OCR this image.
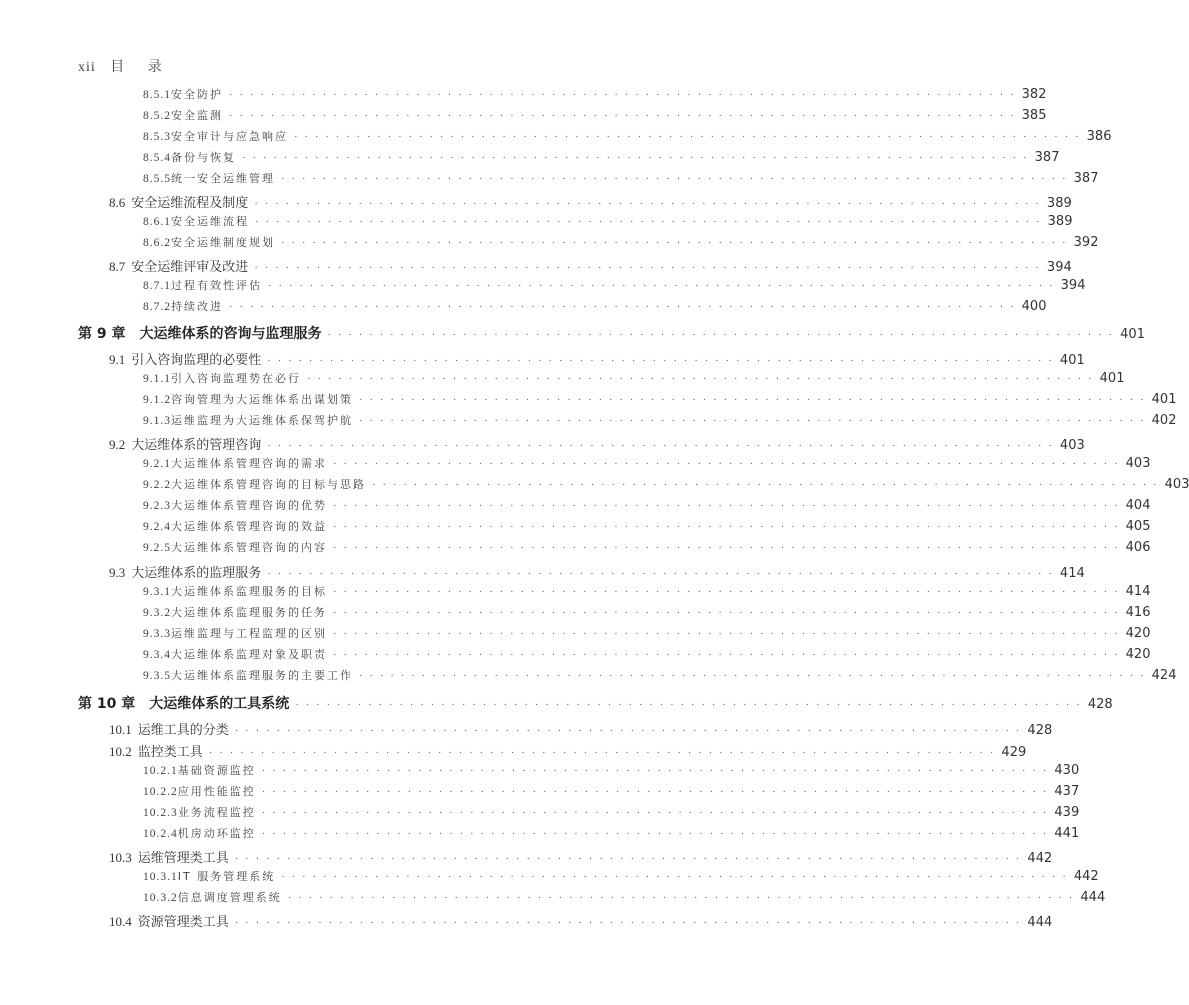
xii 目 录
8.5.1 安全防护 · · · · · · · · · · · · · · · · · · · · · · · · · · · · · · · · · · · · · · · · · · · · · · · · · · · · · · · · · · · · · · · · · · · · · · · · · · · · 382
8.5.2 安全监测 · · · · · · · · · · · · · · · · · · · · · · · · · · · · · · · · · · · · · · · · · · · · · · · · · · · · · · · · · · · · · · · · · · · · · · · · · · · · 385
8.5.3 安全审计与应急响应 · · · · · · · · · · · · · · · · · · · · · · · · · · · · · · · · · · · · · · · · · · · · · · · · · · · · · · · · · · · · · · · · · · · · · · · · · · · · 386
8.5.4 备份与恢复 · · · · · · · · · · · · · · · · · · · · · · · · · · · · · · · · · · · · · · · · · · · · · · · · · · · · · · · · · · · · · · · · · · · · · · · · · · · · 387
8.5.5 统一安全运维管理 · · · · · · · · · · · · · · · · · · · · · · · · · · · · · · · · · · · · · · · · · · · · · · · · · · · · · · · · · · · · · · · · · · · · · · · · · · · · 387
8.6 安全运维流程及制度 · · · · · · · · · · · · · · · · · · · · · · · · · · · · · · · · · · · · · · · · · · · · · · · · · · · · · · · · · · · · · · · · · · · · · · · · · · · · 389
8.6.1 安全运维流程 · · · · · · · · · · · · · · · · · · · · · · · · · · · · · · · · · · · · · · · · · · · · · · · · · · · · · · · · · · · · · · · · · · · · · · · · · · · · 389
8.6.2 安全运维制度规划 · · · · · · · · · · · · · · · · · · · · · · · · · · · · · · · · · · · · · · · · · · · · · · · · · · · · · · · · · · · · · · · · · · · · · · · · · · · · 392
8.7 安全运维评审及改进 · · · · · · · · · · · · · · · · · · · · · · · · · · · · · · · · · · · · · · · · · · · · · · · · · · · · · · · · · · · · · · · · · · · · · · · · · · · · 394
8.7.1 过程有效性评估 · · · · · · · · · · · · · · · · · · · · · · · · · · · · · · · · · · · · · · · · · · · · · · · · · · · · · · · · · · · · · · · · · · · · · · · · · · · · 394
8.7.2 持续改进 · · · · · · · · · · · · · · · · · · · · · · · · · · · · · · · · · · · · · · · · · · · · · · · · · · · · · · · · · · · · · · · · · · · · · · · · · · · · 400
第 9 章 大运维体系的咨询与监理服务 · · · · · · · · · · · · · · · · · · · · · · · · · · · · · · · · · · · · · · · · · · · · · · · · · · · · · · · · · · · · · · · · · · · · · · · · · · · · 401
9.1 引入咨询监理的必要性 · · · · · · · · · · · · · · · · · · · · · · · · · · · · · · · · · · · · · · · · · · · · · · · · · · · · · · · · · · · · · · · · · · · · · · · · · · · · 401
9.1.1 引入咨询监理势在必行 · · · · · · · · · · · · · · · · · · · · · · · · · · · · · · · · · · · · · · · · · · · · · · · · · · · · · · · · · · · · · · · · · · · · · · · · · · · · 401
9.1.2 咨询管理为大运维体系出谋划策 · · · · · · · · · · · · · · · · · · · · · · · · · · · · · · · · · · · · · · · · · · · · · · · · · · · · · · · · · · · · · · · · · · · · · · · · · · · · 401
9.1.3 运维监理为大运维体系保驾护航 · · · · · · · · · · · · · · · · · · · · · · · · · · · · · · · · · · · · · · · · · · · · · · · · · · · · · · · · · · · · · · · · · · · · · · · · · · · · 402
9.2 大运维体系的管理咨询 · · · · · · · · · · · · · · · · · · · · · · · · · · · · · · · · · · · · · · · · · · · · · · · · · · · · · · · · · · · · · · · · · · · · · · · · · · · · 403
9.2.1 大运维体系管理咨询的需求 · · · · · · · · · · · · · · · · · · · · · · · · · · · · · · · · · · · · · · · · · · · · · · · · · · · · · · · · · · · · · · · · · · · · · · · · · · · · 403
9.2.2 大运维体系管理咨询的目标与思路 · · · · · · · · · · · · · · · · · · · · · · · · · · · · · · · · · · · · · · · · · · · · · · · · · · · · · · · · · · · · · · · · · · · · · · · · · · · · 403
9.2.3 大运维体系管理咨询的优势 · · · · · · · · · · · · · · · · · · · · · · · · · · · · · · · · · · · · · · · · · · · · · · · · · · · · · · · · · · · · · · · · · · · · · · · · · · · · 404
9.2.4 大运维体系管理咨询的效益 · · · · · · · · · · · · · · · · · · · · · · · · · · · · · · · · · · · · · · · · · · · · · · · · · · · · · · · · · · · · · · · · · · · · · · · · · · · · 405
9.2.5 大运维体系管理咨询的内容 · · · · · · · · · · · · · · · · · · · · · · · · · · · · · · · · · · · · · · · · · · · · · · · · · · · · · · · · · · · · · · · · · · · · · · · · · · · · 406
9.3 大运维体系的监理服务 · · · · · · · · · · · · · · · · · · · · · · · · · · · · · · · · · · · · · · · · · · · · · · · · · · · · · · · · · · · · · · · · · · · · · · · · · · · · 414
9.3.1 大运维体系监理服务的目标 · · · · · · · · · · · · · · · · · · · · · · · · · · · · · · · · · · · · · · · · · · · · · · · · · · · · · · · · · · · · · · · · · · · · · · · · · · · · 414
9.3.2 大运维体系监理服务的任务 · · · · · · · · · · · · · · · · · · · · · · · · · · · · · · · · · · · · · · · · · · · · · · · · · · · · · · · · · · · · · · · · · · · · · · · · · · · · 416
9.3.3 运维监理与工程监理的区别 · · · · · · · · · · · · · · · · · · · · · · · · · · · · · · · · · · · · · · · · · · · · · · · · · · · · · · · · · · · · · · · · · · · · · · · · · · · · 420
9.3.4 大运维体系监理对象及职责 · · · · · · · · · · · · · · · · · · · · · · · · · · · · · · · · · · · · · · · · · · · · · · · · · · · · · · · · · · · · · · · · · · · · · · · · · · · · 420
9.3.5 大运维体系监理服务的主要工作 · · · · · · · · · · · · · · · · · · · · · · · · · · · · · · · · · · · · · · · · · · · · · · · · · · · · · · · · · · · · · · · · · · · · · · · · · · · · 424
第 10 章 大运维体系的工具系统 · · · · · · · · · · · · · · · · · · · · · · · · · · · · · · · · · · · · · · · · · · · · · · · · · · · · · · · · · · · · · · · · · · · · · · · · · · · · 428
10.1 运维工具的分类 · · · · · · · · · · · · · · · · · · · · · · · · · · · · · · · · · · · · · · · · · · · · · · · · · · · · · · · · · · · · · · · · · · · · · · · · · · · · 428
10.2 监控类工具 · · · · · · · · · · · · · · · · · · · · · · · · · · · · · · · · · · · · · · · · · · · · · · · · · · · · · · · · · · · · · · · · · · · · · · · · · · · · 429
10.2.1 基础资源监控 · · · · · · · · · · · · · · · · · · · · · · · · · · · · · · · · · · · · · · · · · · · · · · · · · · · · · · · · · · · · · · · · · · · · · · · · · · · · 430
10.2.2 应用性能监控 · · · · · · · · · · · · · · · · · · · · · · · · · · · · · · · · · · · · · · · · · · · · · · · · · · · · · · · · · · · · · · · · · · · · · · · · · · · · 437
10.2.3 业务流程监控 · · · · · · · · · · · · · · · · · · · · · · · · · · · · · · · · · · · · · · · · · · · · · · · · · · · · · · · · · · · · · · · · · · · · · · · · · · · · 439
10.2.4 机房动环监控 · · · · · · · · · · · · · · · · · · · · · · · · · · · · · · · · · · · · · · · · · · · · · · · · · · · · · · · · · · · · · · · · · · · · · · · · · · · · 441
10.3 运维管理类工具 · · · · · · · · · · · · · · · · · · · · · · · · · · · · · · · · · · · · · · · · · · · · · · · · · · · · · · · · · · · · · · · · · · · · · · · · · · · · 442
10.3.1 IT 服务管理系统 · · · · · · · · · · · · · · · · · · · · · · · · · · · · · · · · · · · · · · · · · · · · · · · · · · · · · · · · · · · · · · · · · · · · · · · · · · · · 442
10.3.2 信息调度管理系统 · · · · · · · · · · · · · · · · · · · · · · · · · · · · · · · · · · · · · · · · · · · · · · · · · · · · · · · · · · · · · · · · · · · · · · · · · · · · 444
10.4 资源管理类工具 · · · · · · · · · · · · · · · · · · · · · · · · · · · · · · · · · · · · · · · · · · · · · · · · · · · · · · · · · · · · · · · · · · · · · · · · · · · · 444
